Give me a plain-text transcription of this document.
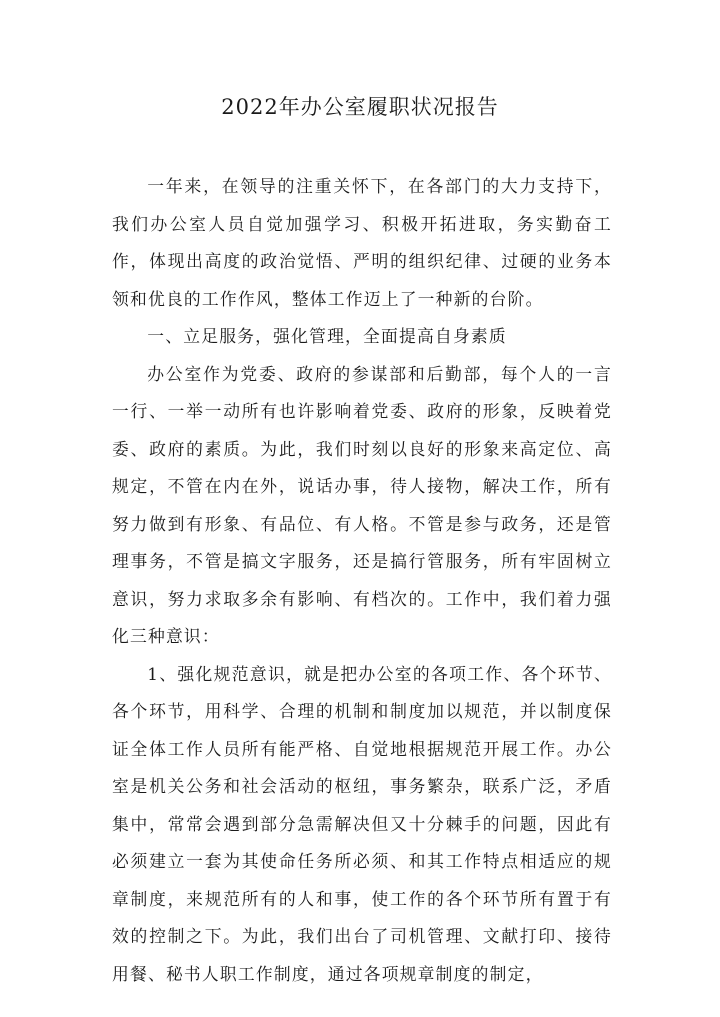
2022年办公室履职状况报告

一年来，在领导的注重关怀下，在各部门的大力支持下，我们办公室人员自觉加强学习、积极开拓进取，务实勤奋工作，体现出高度的政治觉悟、严明的组织纪律、过硬的业务本领和优良的工作作风，整体工作迈上了一种新的台阶。

一、立足服务，强化管理，全面提高自身素质

办公室作为党委、政府的参谋部和后勤部，每个人的一言一行、一举一动所有也许影响着党委、政府的形象，反映着党委、政府的素质。为此，我们时刻以良好的形象来高定位、高规定，不管在内在外，说话办事，待人接物，解决工作，所有努力做到有形象、有品位、有人格。不管是参与政务，还是管理事务，不管是搞文字服务，还是搞行管服务，所有牢固树立意识，努力求取多余有影响、有档次的。工作中，我们着力强化三种意识：

1、强化规范意识，就是把办公室的各项工作、各个环节、各个环节，用科学、合理的机制和制度加以规范，并以制度保证全体工作人员所有能严格、自觉地根据规范开展工作。办公室是机关公务和社会活动的枢纽，事务繁杂，联系广泛，矛盾集中，常常会遇到部分急需解决但又十分棘手的问题，因此有必须建立一套为其使命任务所必须、和其工作特点相适应的规章制度，来规范所有的人和事，使工作的各个环节所有置于有效的控制之下。为此，我们出台了司机管理、文献打印、接待用餐、秘书人职工作制度，通过各项规章制度的制定，
